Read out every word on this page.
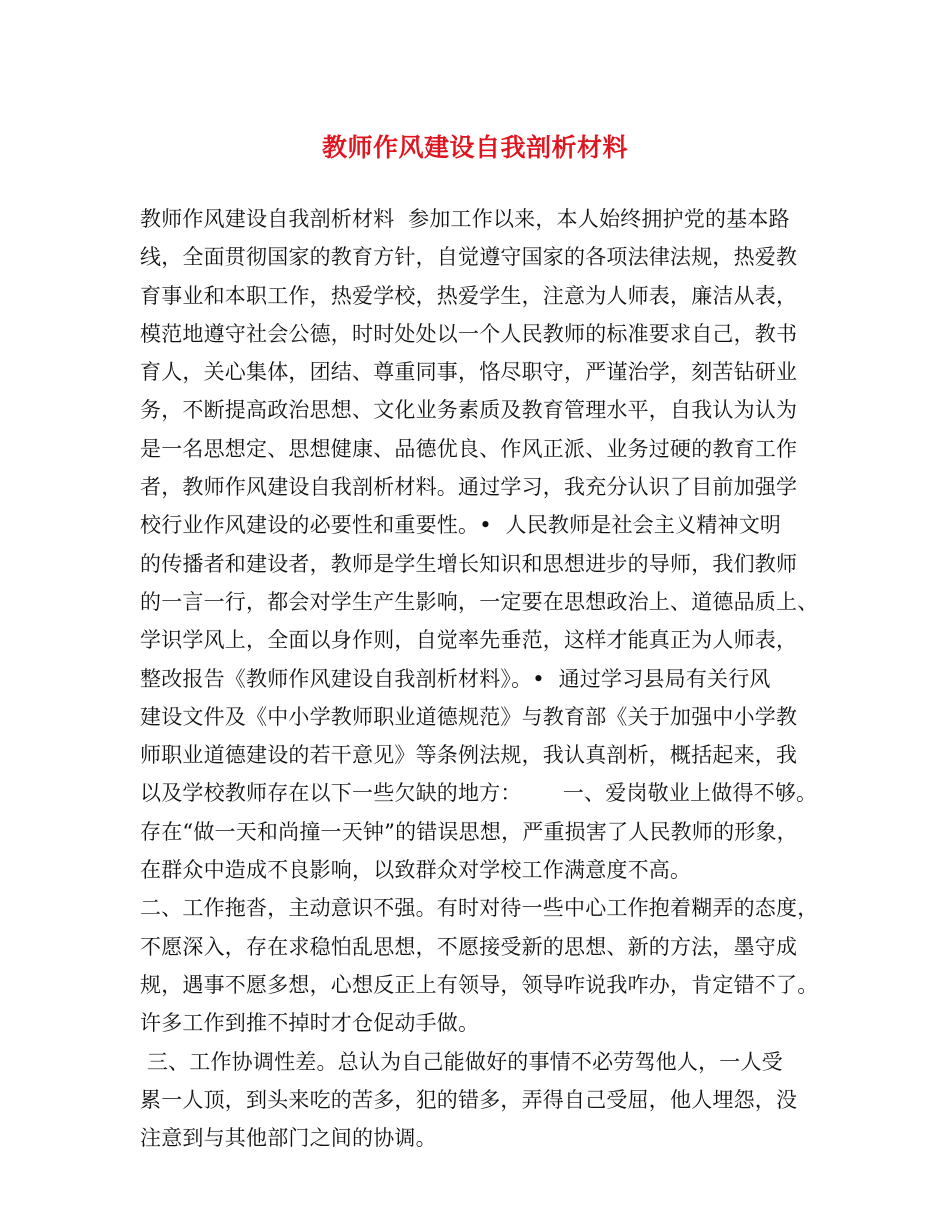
教师作风建设自我剖析材料
教师作风建设自我剖析材料  参加工作以来，本人始终拥护党的基本路
线，全面贯彻国家的教育方针，自觉遵守国家的各项法律法规，热爱教
育事业和本职工作，热爱学校，热爱学生，注意为人师表，廉洁从表，
模范地遵守社会公德，时时处处以一个人民教师的标准要求自己，教书
育人，关心集体，团结、尊重同事，恪尽职守，严谨治学，刻苦钻研业
务，不断提高政治思想、文化业务素质及教育管理水平，自我认为认为
是一名思想定、思想健康、品德优良、作风正派、业务过硬的教育工作
者，教师作风建设自我剖析材料。通过学习，我充分认识了目前加强学
校行业作风建设的必要性和重要性。•  人民教师是社会主义精神文明
的传播者和建设者，教师是学生增长知识和思想进步的导师，我们教师
的一言一行，都会对学生产生影响，一定要在思想政治上、道德品质上、
学识学风上，全面以身作则，自觉率先垂范，这样才能真正为人师表，
整改报告《教师作风建设自我剖析材料》。•  通过学习县局有关行风
建设文件及《中小学教师职业道德规范》与教育部《关于加强中小学教
师职业道德建设的若干意见》等条例法规，我认真剖析，概括起来，我
以及学校教师存在以下一些欠缺的地方：      一、爱岗敬业上做得不够。
存在“做一天和尚撞一天钟”的错误思想，严重损害了人民教师的形象，
在群众中造成不良影响，以致群众对学校工作满意度不高。
二、工作拖沓，主动意识不强。有时对待一些中心工作抱着糊弄的态度，
不愿深入，存在求稳怕乱思想，不愿接受新的思想、新的方法，墨守成
规，遇事不愿多想，心想反正上有领导，领导咋说我咋办，肯定错不了。
许多工作到推不掉时才仓促动手做。
三、工作协调性差。总认为自己能做好的事情不必劳驾他人，一人受
累一人顶，到头来吃的苦多，犯的错多，弄得自己受屈，他人埋怨，没
注意到与其他部门之间的协调。
